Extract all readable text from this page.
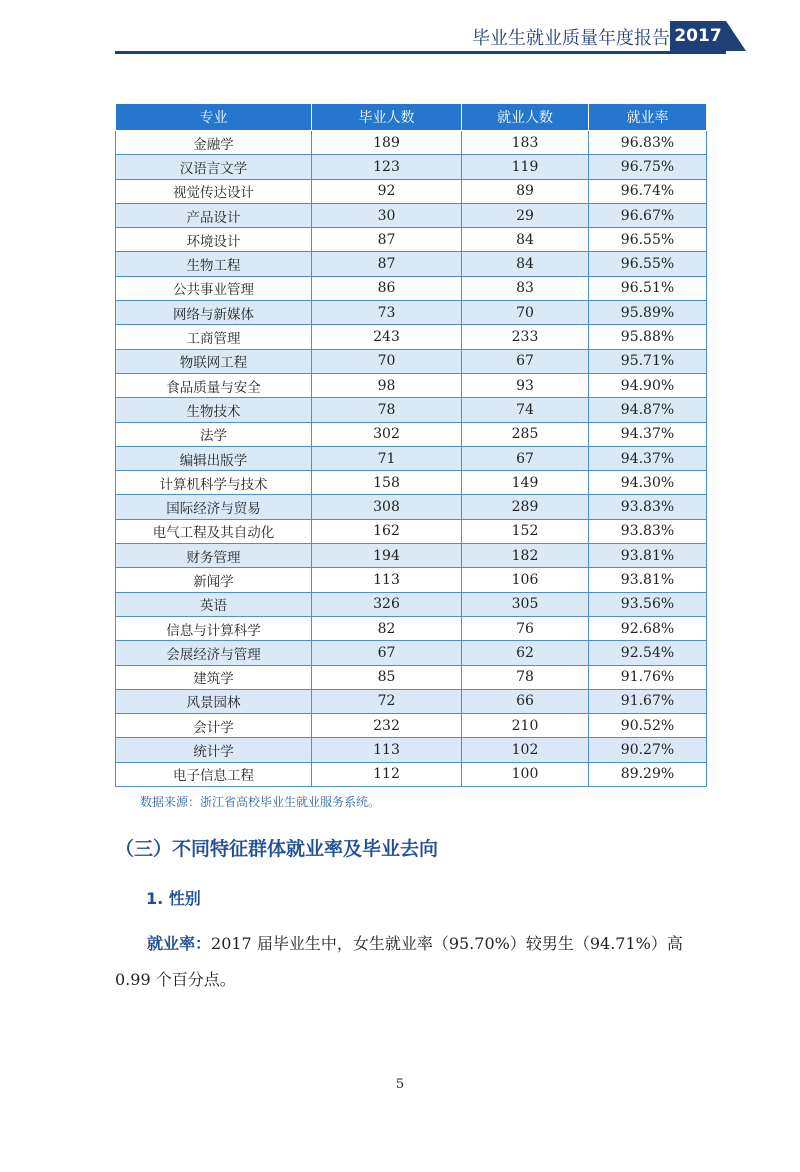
毕业生就业质量年度报告 2017届
专业	毕业人数	就业人数	就业率
金融学	189	183	96.83%
汉语言文学	123	119	96.75%
视觉传达设计	92	89	96.74%
产品设计	30	29	96.67%
环境设计	87	84	96.55%
生物工程	87	84	96.55%
公共事业管理	86	83	96.51%
网络与新媒体	73	70	95.89%
工商管理	243	233	95.88%
物联网工程	70	67	95.71%
食品质量与安全	98	93	94.90%
生物技术	78	74	94.87%
法学	302	285	94.37%
编辑出版学	71	67	94.37%
计算机科学与技术	158	149	94.30%
国际经济与贸易	308	289	93.83%
电气工程及其自动化	162	152	93.83%
财务管理	194	182	93.81%
新闻学	113	106	93.81%
英语	326	305	93.56%
信息与计算科学	82	76	92.68%
会展经济与管理	67	62	92.54%
建筑学	85	78	91.76%
风景园林	72	66	91.67%
会计学	232	210	90.52%
统计学	113	102	90.27%
电子信息工程	112	100	89.29%
数据来源：浙江省高校毕业生就业服务系统。
（三）不同特征群体就业率及毕业去向
1. 性别
就业率：2017 届毕业生中，女生就业率（95.70%）较男生（94.71%）高 0.99 个百分点。
5
